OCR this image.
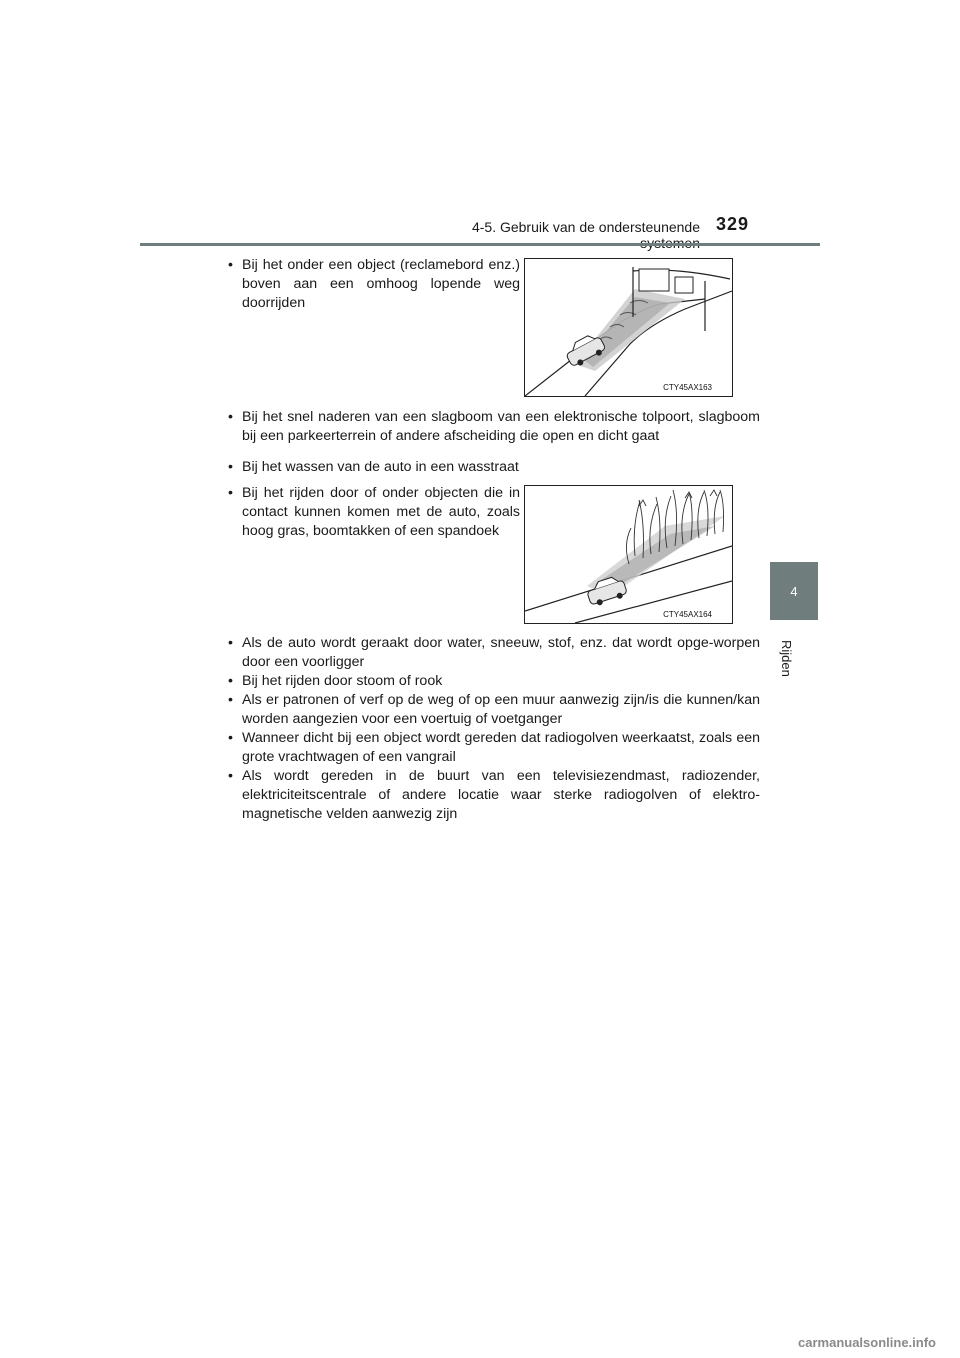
4-5. Gebruik van de ondersteunende 329
4
Rijden
• Bij het onder een object (reclamebord enz.) boven aan een omhoog lopende weg doorrijden
CTY45AX163
• Bij het snel naderen van een slagboom van een elektronische tolpoort, slagboom bij een parkeerterrein of andere afscheiding die open en dicht gaat
• Bij het wassen van de auto in een wasstraat
• Bij het rijden door of onder objecten die in contact kunnen komen met de auto, zoals hoog gras, boomtakken of een spandoek
CTY45AX164
• Als de auto wordt geraakt door water, sneeuw, stof, enz. dat wordt opge-worpen door een voorligger
• Bij het rijden door stoom of rook
• Als er patronen of verf op de weg of op een muur aanwezig zijn/is die kunnen/kan worden aangezien voor een voertuig of voetganger
• Wanneer dicht bij een object wordt gereden dat radiogolven weerkaatst, zoals een grote vrachtwagen of een vangrail
• Als wordt gereden in de buurt van een televisiezendmast, radiozender, elektriciteitscentrale of andere locatie waar sterke radiogolven of elektro-magnetische velden aanwezig zijn
carmanualsonline.info
